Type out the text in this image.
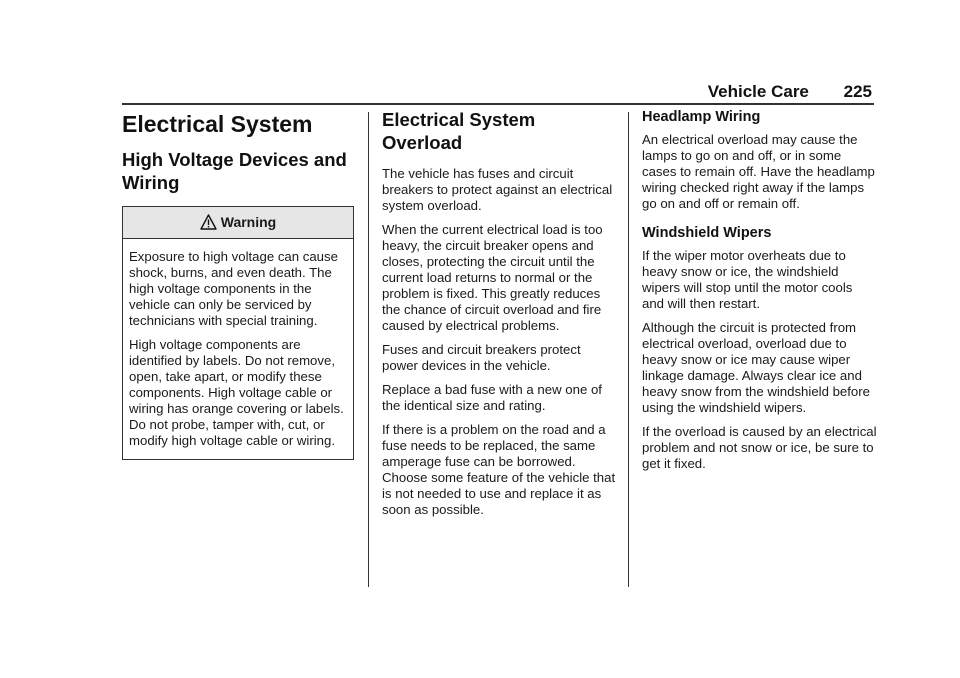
Vehicle Care 225
Electrical System
High Voltage Devices and Wiring
Warning

Exposure to high voltage can cause shock, burns, and even death. The high voltage components in the vehicle can only be serviced by technicians with special training.

High voltage components are identified by labels. Do not remove, open, take apart, or modify these components. High voltage cable or wiring has orange covering or labels. Do not probe, tamper with, cut, or modify high voltage cable or wiring.

Electrical System Overload

The vehicle has fuses and circuit breakers to protect against an electrical system overload.

When the current electrical load is too heavy, the circuit breaker opens and closes, protecting the circuit until the current load returns to normal or the problem is fixed. This greatly reduces the chance of circuit overload and fire caused by electrical problems.

Fuses and circuit breakers protect power devices in the vehicle.

Replace a bad fuse with a new one of the identical size and rating.

If there is a problem on the road and a fuse needs to be replaced, the same amperage fuse can be borrowed. Choose some feature of the vehicle that is not needed to use and replace it as soon as possible.

Headlamp Wiring

An electrical overload may cause the lamps to go on and off, or in some cases to remain off. Have the headlamp wiring checked right away if the lamps go on and off or remain off.

Windshield Wipers

If the wiper motor overheats due to heavy snow or ice, the windshield wipers will stop until the motor cools and will then restart.

Although the circuit is protected from electrical overload, overload due to heavy snow or ice may cause wiper linkage damage. Always clear ice and heavy snow from the windshield before using the windshield wipers.

If the overload is caused by an electrical problem and not snow or ice, be sure to get it fixed.
